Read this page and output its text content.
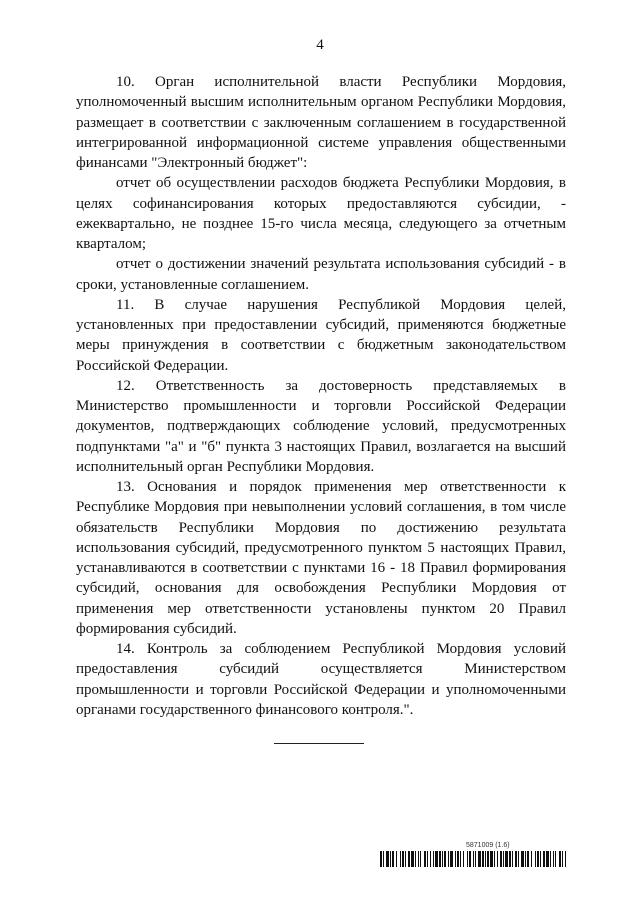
4

10. Орган исполнительной власти Республики Мордовия, уполномоченный высшим исполнительным органом Республики Мордовия, размещает в соответствии с заключенным соглашением в государственной интегрированной информационной системе управления общественными финансами "Электронный бюджет":

отчет об осуществлении расходов бюджета Республики Мордовия, в целях софинансирования которых предоставляются субсидии, - ежеквартально, не позднее 15-го числа месяца, следующего за отчетным кварталом;

отчет о достижении значений результата использования субсидий - в сроки, установленные соглашением.

11. В случае нарушения Республикой Мордовия целей, установленных при предоставлении субсидий, применяются бюджетные меры принуждения в соответствии с бюджетным законодательством Российской Федерации.

12. Ответственность за достоверность представляемых в Министерство промышленности и торговли Российской Федерации документов, подтверждающих соблюдение условий, предусмотренных подпунктами "а" и "б" пункта 3 настоящих Правил, возлагается на высший исполнительный орган Республики Мордовия.

13. Основания и порядок применения мер ответственности к Республике Мордовия при невыполнении условий соглашения, в том числе обязательств Республики Мордовия по достижению результата использования субсидий, предусмотренного пунктом 5 настоящих Правил, устанавливаются в соответствии с пунктами 16 - 18 Правил формирования субсидий, основания для освобождения Республики Мордовия от применения мер ответственности установлены пунктом 20 Правил формирования субсидий.

14. Контроль за соблюдением Республикой Мордовия условий предоставления субсидий осуществляется Министерством промышленности и торговли Российской Федерации и уполномоченными органами государственного финансового контроля.".

5871009 (1.6)
